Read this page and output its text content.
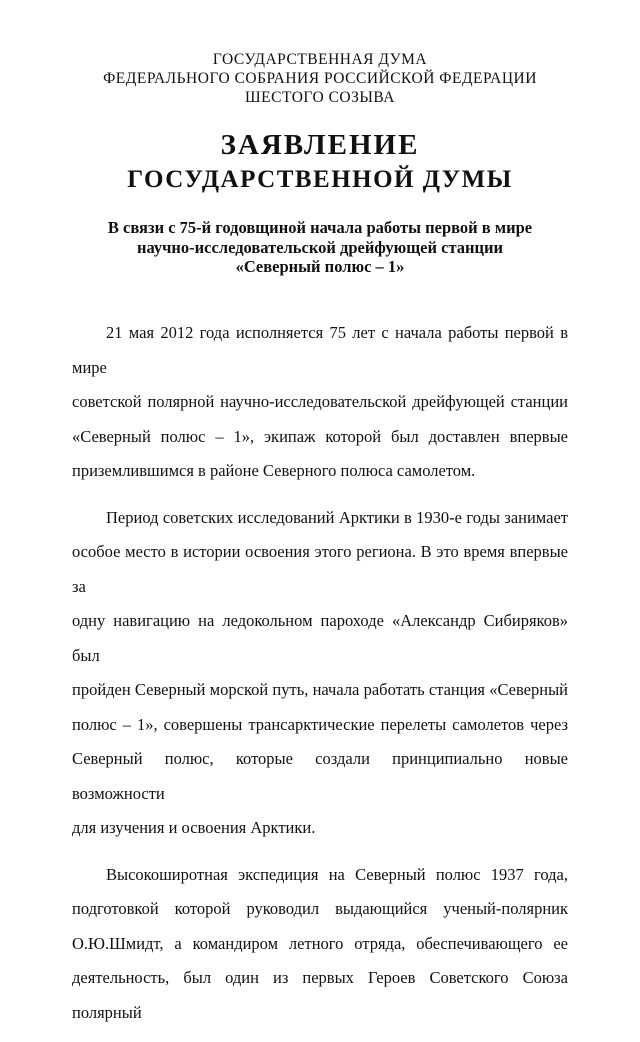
ГОСУДАРСТВЕННАЯ ДУМА

ФЕДЕРАЛЬНОГО СОБРАНИЯ РОССИЙСКОЙ ФЕДЕРАЦИИ

ШЕСТОГО СОЗЫВА

ЗАЯВЛЕНИЕ
ГОСУДАРСТВЕННОЙ ДУМЫ

В связи с 75-й годовщиной начала работы первой в мире

научно-исследовательской дрейфующей станции

«Северный полюс – 1»

21 мая 2012 года исполняется 75 лет с начала работы первой в мире
советской полярной научно-исследовательской дрейфующей станции
«Северный полюс – 1», экипаж которой был доставлен впервые
приземлившимся в районе Северного полюса самолетом.
Период советских исследований Арктики в 1930-е годы занимает
особое место в истории освоения этого региона. В это время впервые за
одну навигацию на ледокольном пароходе «Александр Сибиряков» был
пройден Северный морской путь, начала работать станция «Северный
полюс – 1», совершены трансарктические перелеты самолетов через
Северный полюс, которые создали принципиально новые возможности
для изучения и освоения Арктики.
Высокоширотная экспедиция на Северный полюс 1937 года,
подготовкой которой руководил выдающийся ученый-полярник
О.Ю.Шмидт, а командиром летного отряда, обеспечивающего ее
деятельность, был один из первых Героев Советского Союза полярный
